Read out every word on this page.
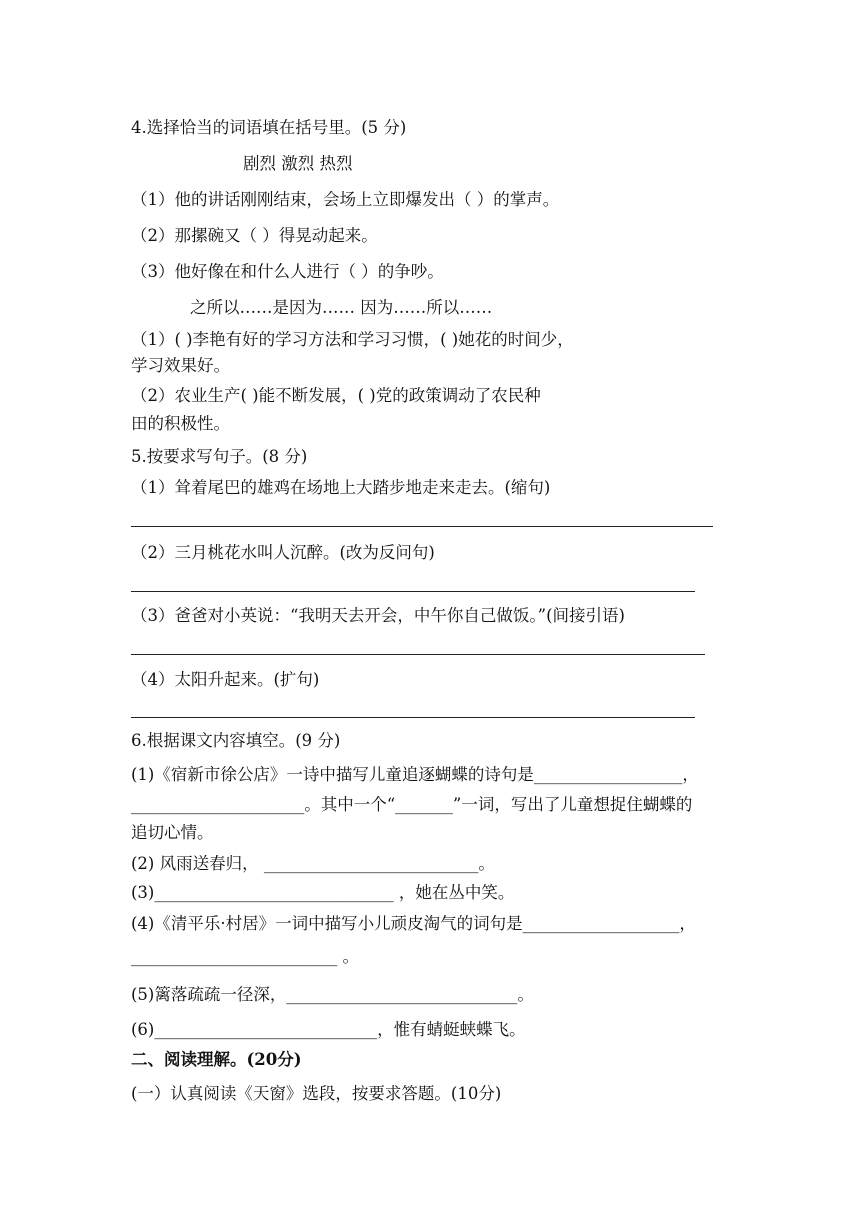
4.选择恰当的词语填在括号里。(5 分)
剧烈 激烈 热烈
（1）他的讲话刚刚结束，会场上立即爆发出（ ）的掌声。
（2）那摞碗又（ ）得晃动起来。
（3）他好像在和什么人进行（ ）的争吵。
之所以……是因为…… 因为……所以……
（1）( )李艳有好的学习方法和学习习惯，( )她花的时间少，
学习效果好。
（2）农业生产( )能不断发展，( )党的政策调动了农民种
田的积极性。
5.按要求写句子。(8 分)
（1）耸着尾巴的雄鸡在场地上大踏步地走来走去。(缩句)
（2）三月桃花水叫人沉醉。(改为反问句)
（3）爸爸对小英说：“我明天去开会，中午你自己做饭。”(间接引语)
（4）太阳升起来。(扩句)
6.根据课文内容填空。(9 分)
(1)《宿新市徐公店》一诗中描写儿童追逐蝴蝶的诗句是__________________，
_____________________。其中一个“_______”一词，写出了儿童想捉住蝴蝶的
追切心情。
(2) 风雨送春归， __________________________。
(3)_____________________________ ，她在丛中笑。
(4)《清平乐·村居》一词中描写小儿顽皮淘气的词句是___________________，
_________________________ 。
(5)篱落疏疏一径深，____________________________。
(6)___________________________，惟有蜻蜓蛱蝶飞。
二、阅读理解。(20分)
(一）认真阅读《天窗》选段，按要求答题。(10分)
